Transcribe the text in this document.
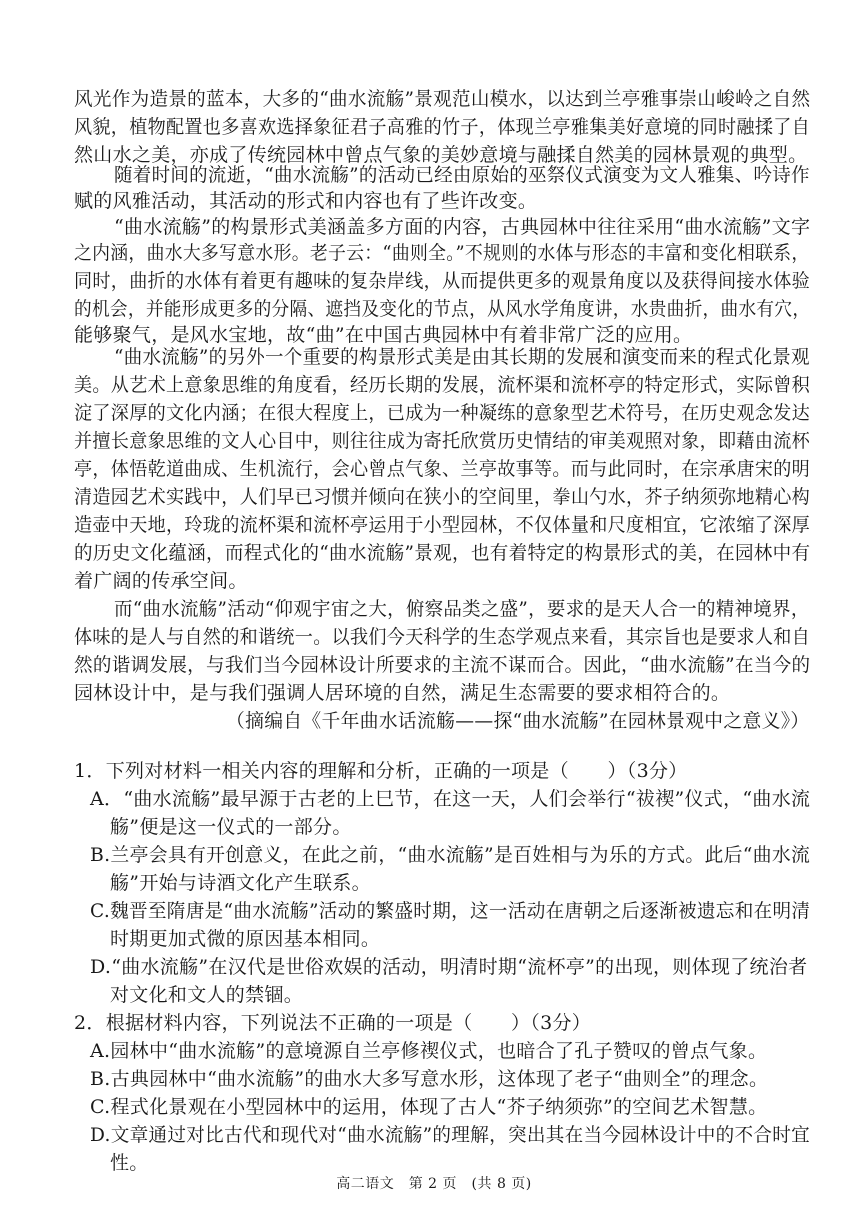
风光作为造景的蓝本，大多的“曲水流觞”景观范山模水，以达到兰亭雅事崇山峻岭之自然
风貌，植物配置也多喜欢选择象征君子高雅的竹子，体现兰亭雅集美好意境的同时融揉了自
然山水之美，亦成了传统园林中曾点气象的美妙意境与融揉自然美的园林景观的典型。
随着时间的流逝，“曲水流觞”的活动已经由原始的巫祭仪式演变为文人雅集、吟诗作
赋的风雅活动，其活动的形式和内容也有了些许改变。
“曲水流觞”的构景形式美涵盖多方面的内容，古典园林中往往采用“曲水流觞”文字
之内涵，曲水大多写意水形。老子云：“曲则全。”不规则的水体与形态的丰富和变化相联系，
同时，曲折的水体有着更有趣味的复杂岸线，从而提供更多的观景角度以及获得间接水体验
的机会，并能形成更多的分隔、遮挡及变化的节点，从风水学角度讲，水贵曲折，曲水有穴，
能够聚气，是风水宝地，故“曲”在中国古典园林中有着非常广泛的应用。
“曲水流觞”的另外一个重要的构景形式美是由其长期的发展和演变而来的程式化景观
美。从艺术上意象思维的角度看，经历长期的发展，流杯渠和流杯亭的特定形式，实际曾积
淀了深厚的文化内涵；在很大程度上，已成为一种凝练的意象型艺术符号，在历史观念发达
并擅长意象思维的文人心目中，则往往成为寄托欣赏历史情结的审美观照对象，即藉由流杯
亭，体悟乾道曲成、生机流行，会心曾点气象、兰亭故事等。而与此同时，在宗承唐宋的明
清造园艺术实践中，人们早已习惯并倾向在狭小的空间里，拳山勺水，芥子纳须弥地精心构
造壶中天地，玲珑的流杯渠和流杯亭运用于小型园林，不仅体量和尺度相宜，它浓缩了深厚
的历史文化蕴涵，而程式化的“曲水流觞”景观，也有着特定的构景形式的美，在园林中有
着广阔的传承空间。
而“曲水流觞”活动“仰观宇宙之大，俯察品类之盛”，要求的是天人合一的精神境界，
体味的是人与自然的和谐统一。以我们今天科学的生态学观点来看，其宗旨也是要求人和自
然的谐调发展，与我们当今园林设计所要求的主流不谋而合。因此，“曲水流觞”在当今的
园林设计中，是与我们强调人居环境的自然，满足生态需要的要求相符合的。
（摘编自《千年曲水话流觞——探“曲水流觞”在园林景观中之意义》）
1．下列对材料一相关内容的理解和分析，正确的一项是（　　）（3分）
A．“曲水流觞”最早源于古老的上巳节，在这一天，人们会举行“祓禊”仪式，“曲水流
觞”便是这一仪式的一部分。
B.兰亭会具有开创意义，在此之前，“曲水流觞”是百姓相与为乐的方式。此后“曲水流
觞”开始与诗酒文化产生联系。
C.魏晋至隋唐是“曲水流觞”活动的繁盛时期，这一活动在唐朝之后逐渐被遗忘和在明清
时期更加式微的原因基本相同。
D.“曲水流觞”在汉代是世俗欢娱的活动，明清时期“流杯亭”的出现，则体现了统治者
对文化和文人的禁锢。
2．根据材料内容，下列说法不正确的一项是（　　）（3分）
A.园林中“曲水流觞”的意境源自兰亭修禊仪式，也暗合了孔子赞叹的曾点气象。
B.古典园林中“曲水流觞”的曲水大多写意水形，这体现了老子“曲则全”的理念。
C.程式化景观在小型园林中的运用，体现了古人“芥子纳须弥”的空间艺术智慧。
D.文章通过对比古代和现代对“曲水流觞”的理解，突出其在当今园林设计中的不合时宜
性。
高二语文　第 2 页　(共 8 页)
